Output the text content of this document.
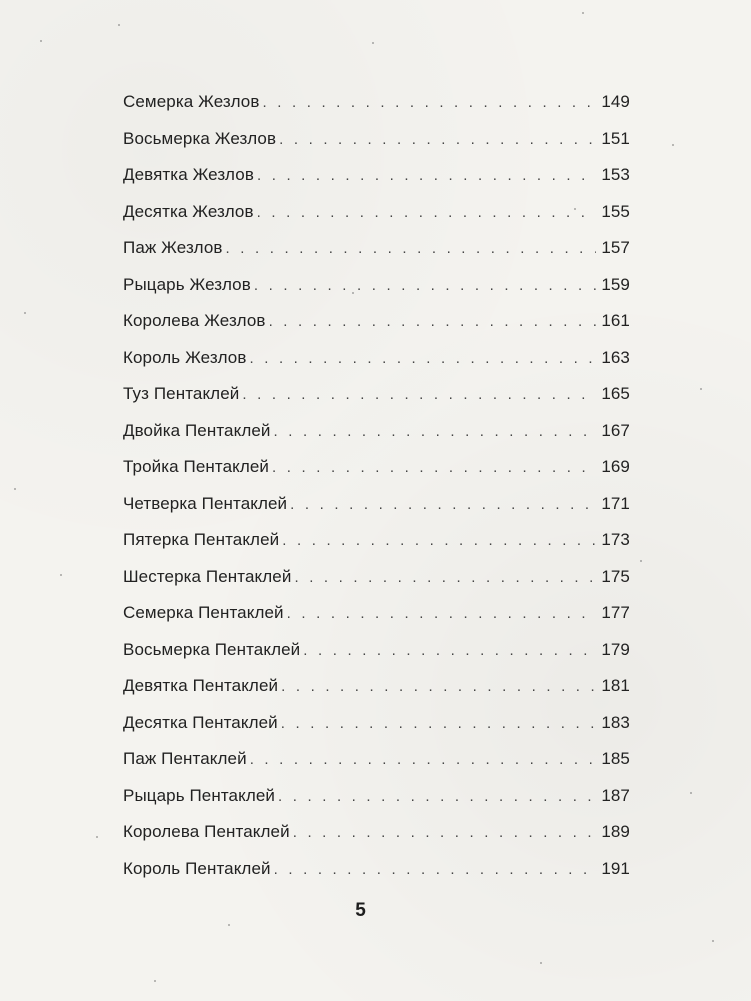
Семерка Жезлов . . .	149
Восьмерка Жезлов . . .	151
Девятка Жезлов . . .	153
Десятка Жезлов . . .	155
Паж Жезлов . . .	157
Рыцарь Жезлов . . .	159
Королева Жезлов . . .	161
Король Жезлов . . .	163
Туз Пентаклей . . .	165
Двойка Пентаклей . . .	167
Тройка Пентаклей . . .	169
Четверка Пентаклей . . .	171
Пятерка Пентаклей . . .	173
Шестерка Пентаклей . . .	175
Семерка Пентаклей . . .	177
Восьмерка Пентаклей . . .	179
Девятка Пентаклей . . .	181
Десятка Пентаклей . . .	183
Паж Пентаклей . . .	185
Рыцарь Пентаклей . . .	187
Королева Пентаклей . . .	189
Король Пентаклей . . .	191
5
